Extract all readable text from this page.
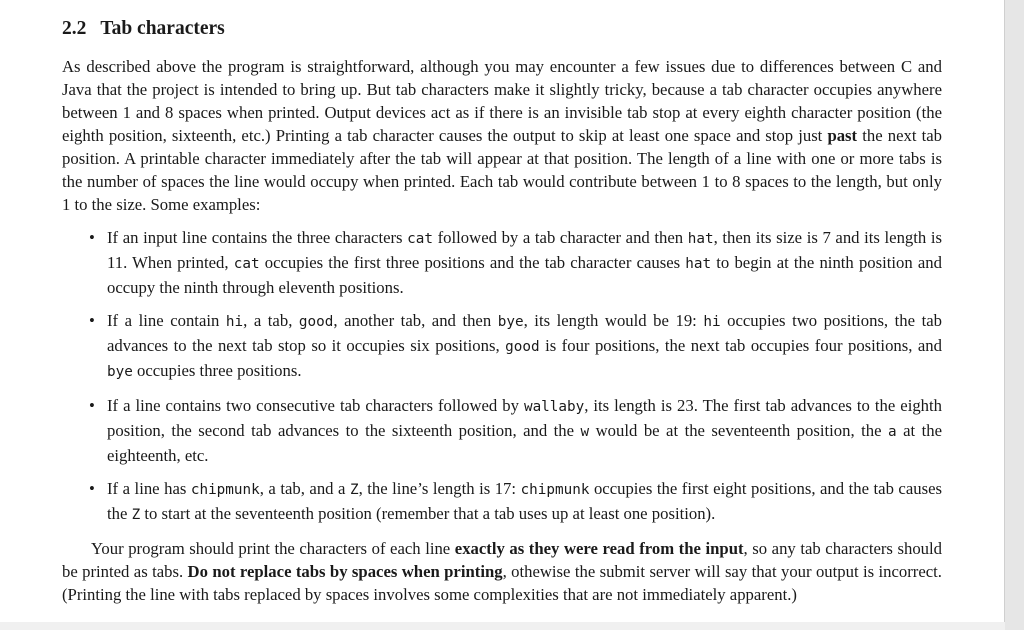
2.2 Tab characters

As described above the program is straightforward, although you may encounter a few issues due to differences between C and Java that the project is intended to bring up. But tab characters make it slightly tricky, because a tab character occupies anywhere between 1 and 8 spaces when printed. Output devices act as if there is an invisible tab stop at every eighth character position (the eighth position, sixteenth, etc.) Printing a tab character causes the output to skip at least one space and stop just past the next tab position. A printable character immediately after the tab will appear at that position. The length of a line with one or more tabs is the number of spaces the line would occupy when printed. Each tab would contribute between 1 to 8 spaces to the length, but only 1 to the size. Some examples:

• If an input line contains the three characters cat followed by a tab character and then hat, then its size is 7 and its length is 11. When printed, cat occupies the first three positions and the tab character causes hat to begin at the ninth position and occupy the ninth through eleventh positions.
• If a line contain hi, a tab, good, another tab, and then bye, its length would be 19: hi occupies two positions, the tab advances to the next tab stop so it occupies six positions, good is four positions, the next tab occupies four positions, and bye occupies three positions.
• If a line contains two consecutive tab characters followed by wallaby, its length is 23. The first tab advances to the eighth position, the second tab advances to the sixteenth position, and the w would be at the seventeenth position, the a at the eighteenth, etc.
• If a line has chipmunk, a tab, and a Z, the line’s length is 17: chipmunk occupies the first eight positions, and the tab causes the Z to start at the seventeenth position (remember that a tab uses up at least one position).

Your program should print the characters of each line exactly as they were read from the input, so any tab characters should be printed as tabs. Do not replace tabs by spaces when printing, othewise the submit server will say that your output is incorrect. (Printing the line with tabs replaced by spaces involves some complexities that are not immediately apparent.)
